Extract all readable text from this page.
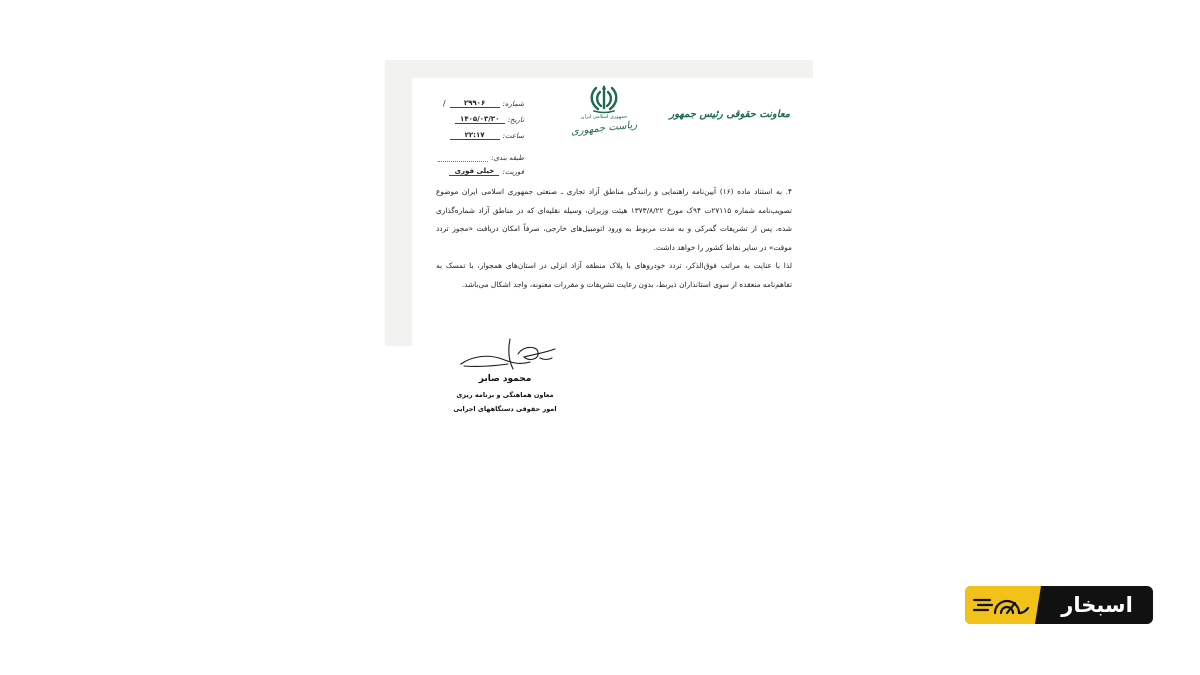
معاونت حقوقی رئیس جمهور
جمهوری اسلامی ایران
ریاست جمهوری
شماره:
۲۹۹۰۶
/
تاریخ:
۱۴۰۵/۰۳/۳۰
ساعت:
۲۲:۱۷
طبقه بندی:
فوریت:
خیلی فوری

۴. به استناد ماده (۱۶) آیین‌نامه راهنمایی و رانندگی مناطق آزاد تجاری ـ صنعتی جمهوری اسلامی ایران موضوع تصویب‌نامه شماره ۲۷۱۱۵ت ۹۴ک مورخ ۱۳۷۳/۸/۲۲ هیئت وزیران، وسیله نقلیه‌ای که در مناطق آزاد شماره‌گذاری شده، پس از تشریفات گمرکی و به مدت مربوط به ورود اتومبیل‌های خارجی، صرفاً امکان دریافت «مجوز تردد موقت» در سایر نقاط کشور را خواهد داشت.

لذا با عنایت به مراتب فوق‌الذکر، تردد خودروهای با پلاک منطقه آزاد انزلی در استان‌های همجوار، با تمسک به تفاهم‌نامه منعقده از سوی استانداران ذیربط، بدون رعایت تشریفات و مقررات معنونه، واجد اشکال می‌باشد.

محمود صابر
معاون هماهنگی و برنامه ریزی
امور حقوقی دستگاههای اجرایی
اسبخار
